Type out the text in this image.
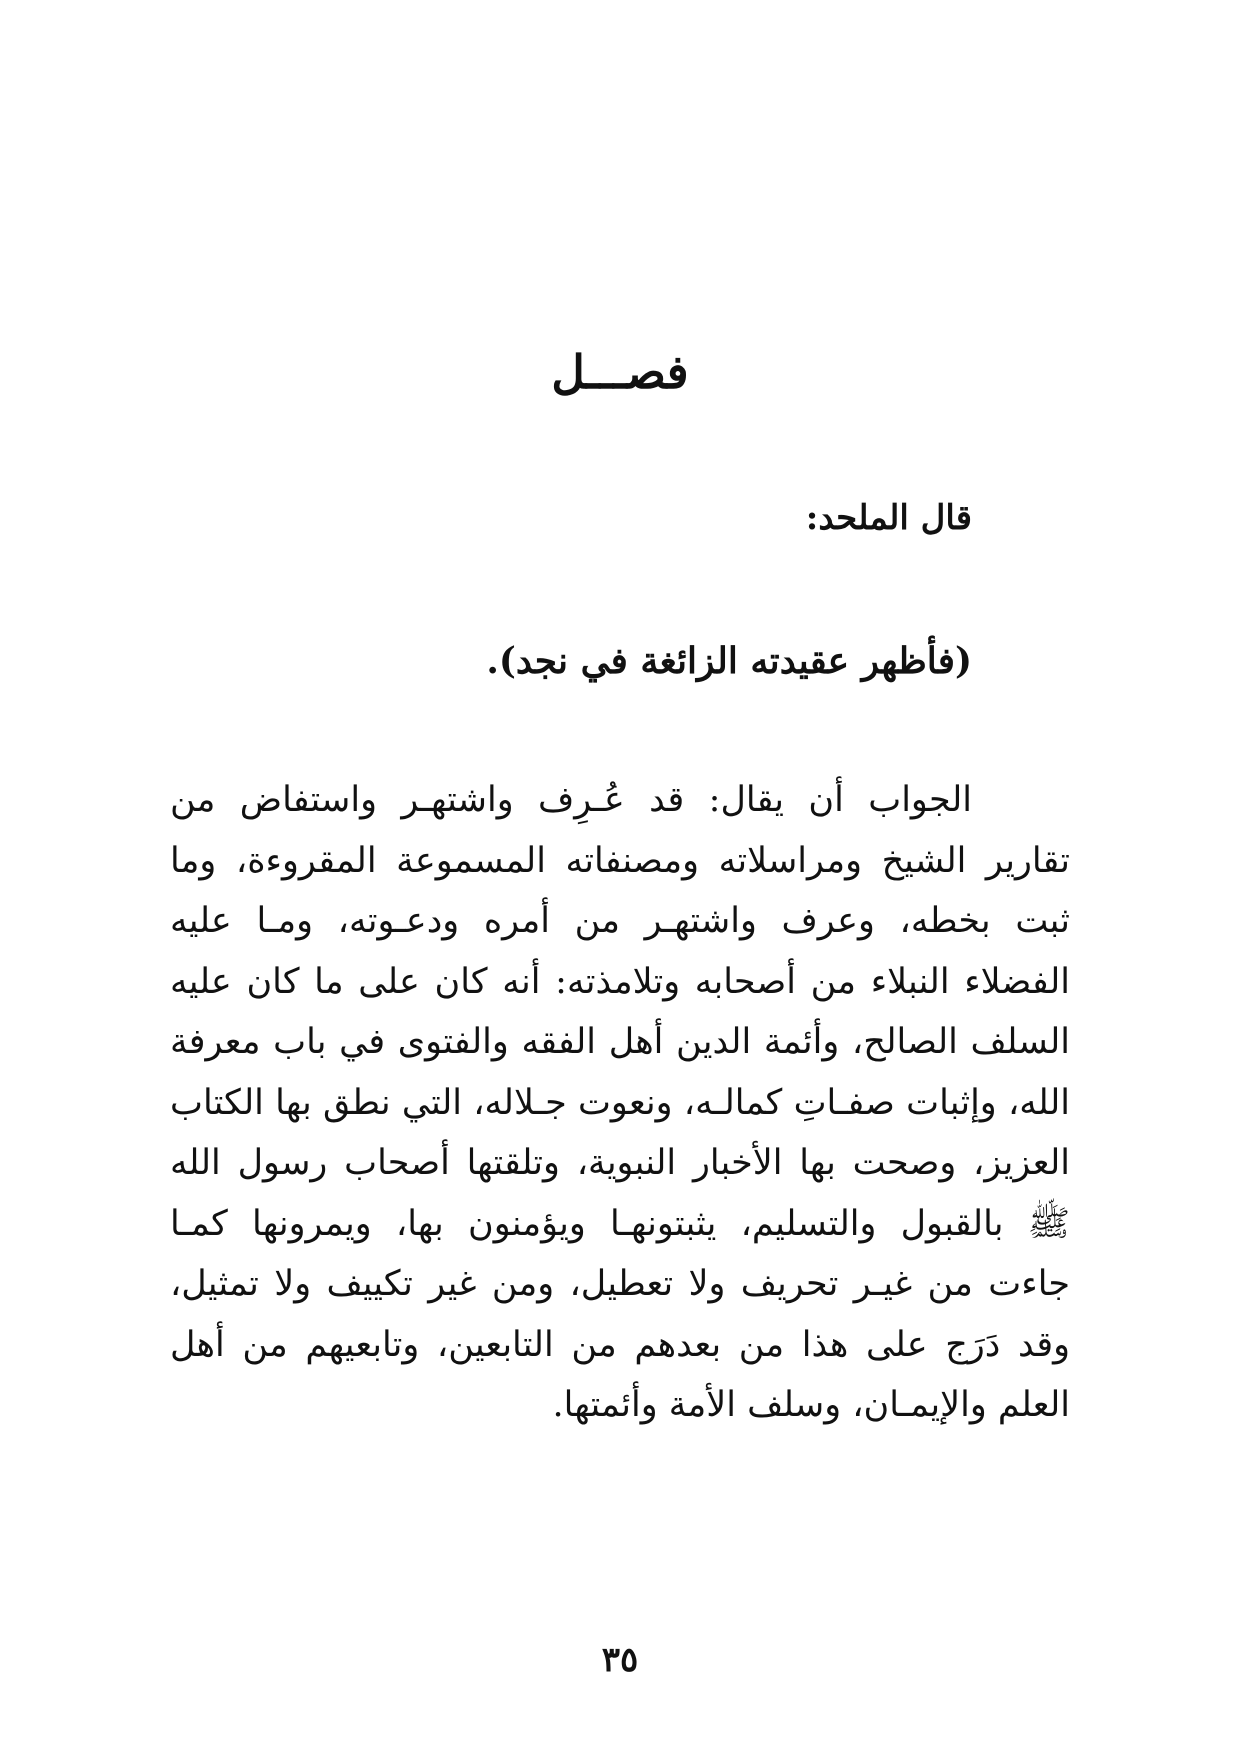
فصـــل
قال الملحد:
(فأظهر عقيدته الزائغة في نجد).

الجواب أن يقال: قد عُـرِف واشتهـر واستفاض من تقارير الشيخ ومراسلاته ومصنفاته المسموعة المقروءة، وما ثبت بخطه، وعرف واشتهـر من أمره ودعـوته، ومـا عليه الفضلاء النبلاء من أصحابه وتلامذته: أنه كان على ما كان عليه السلف الصالح، وأئمة الدين أهل الفقه والفتوى في باب معرفة الله، وإثبات صفـاتِ كمالـه، ونعوت جـلاله، التي نطق بها الكتاب العزيز، وصحت بها الأخبار النبوية، وتلقتها أصحاب رسول الله ﷺ بالقبول والتسليم، يثبتونهـا ويؤمنون بها، ويمرونها كمـا جاءت من غيـر تحريف ولا تعطيل، ومن غير تكييف ولا تمثيل، وقد دَرَج على هذا من بعدهم من التابعين، وتابعيهم من أهل العلم والإيمـان، وسلف الأمة وأئمتها.

٣٥
